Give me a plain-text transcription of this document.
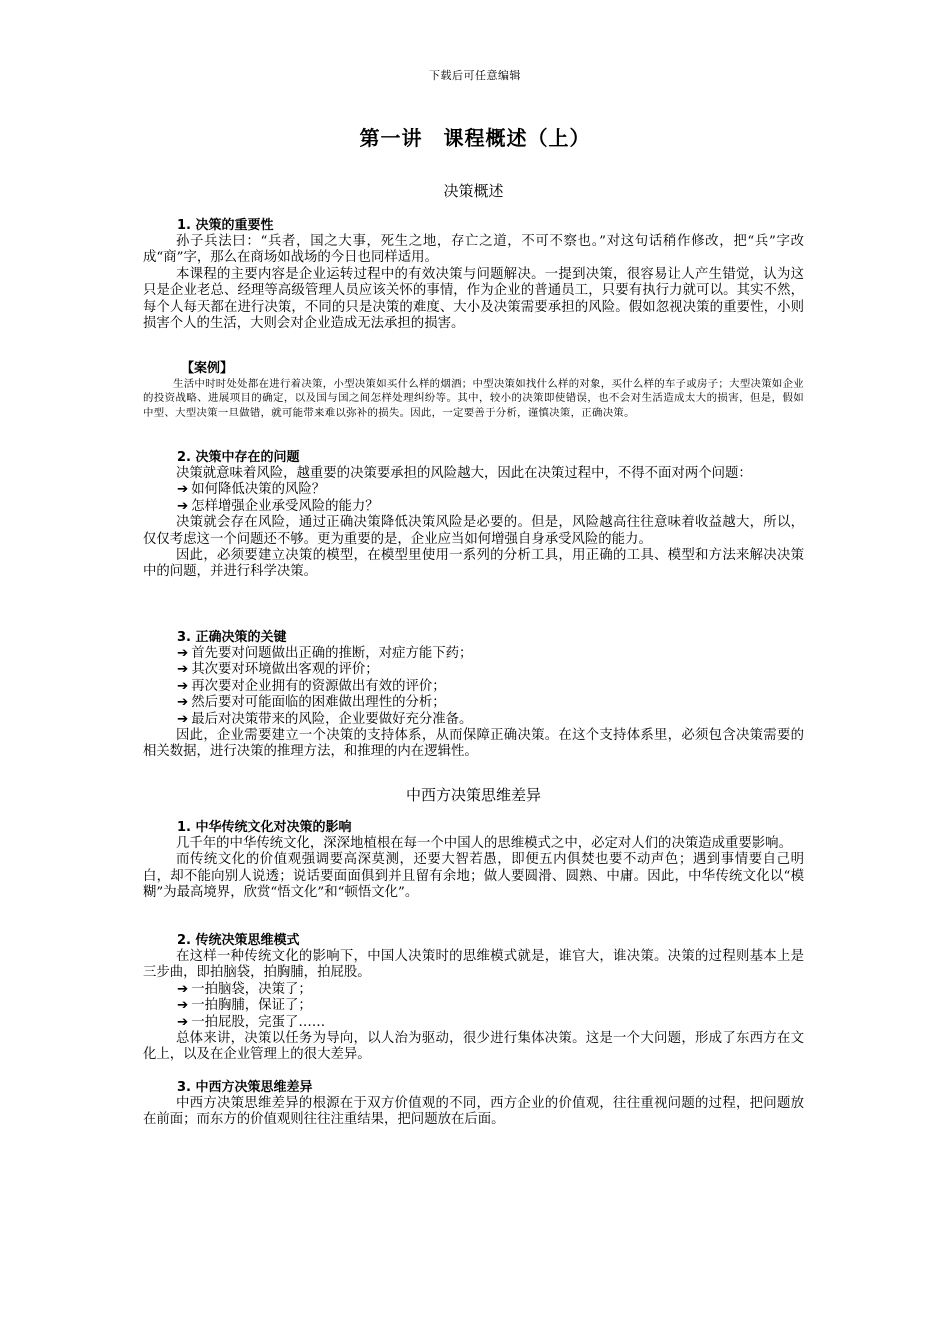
下载后可任意编辑
第一讲　课程概述（上）
决策概述
1. 决策的重要性

孙子兵法曰：“兵者，国之大事，死生之地，存亡之道，不可不察也。”对这句话稍作修改，把“兵”字改成“商”字，那么在商场如战场的今日也同样适用。

本课程的主要内容是企业运转过程中的有效决策与问题解决。一提到决策，很容易让人产生错觉，认为这只是企业老总、经理等高级管理人员应该关怀的事情，作为企业的普通员工，只要有执行力就可以。其实不然，每个人每天都在进行决策，不同的只是决策的难度、大小及决策需要承担的风险。假如忽视决策的重要性，小则损害个人的生活，大则会对企业造成无法承担的损害。

【案例】

生活中时时处处都在进行着决策，小型决策如买什么样的烟酒；中型决策如找什么样的对象，买什么样的车子或房子；大型决策如企业的投资战略、进展项目的确定，以及国与国之间怎样处理纠纷等。其中，较小的决策即使错误，也不会对生活造成太大的损害，但是，假如中型、大型决策一旦做错，就可能带来难以弥补的损失。因此，一定要善于分析，谨慎决策，正确决策。

2. 决策中存在的问题

决策就意味着风险，越重要的决策要承担的风险越大，因此在决策过程中，不得不面对两个问题：

➔ 如何降低决策的风险？
➔ 怎样增强企业承受风险的能力？

决策就会存在风险，通过正确决策降低决策风险是必要的。但是，风险越高往往意味着收益越大，所以，仅仅考虑这一个问题还不够。更为重要的是，企业应当如何增强自身承受风险的能力。

因此，必须要建立决策的模型，在模型里使用一系列的分析工具，用正确的工具、模型和方法来解决决策中的问题，并进行科学决策。

3. 正确决策的关键
➔ 首先要对问题做出正确的推断，对症方能下药；
➔ 其次要对环境做出客观的评价；
➔ 再次要对企业拥有的资源做出有效的评价；
➔ 然后要对可能面临的困难做出理性的分析；
➔ 最后对决策带来的风险，企业要做好充分准备。

因此，企业需要建立一个决策的支持体系，从而保障正确决策。在这个支持体系里，必须包含决策需要的相关数据，进行决策的推理方法，和推理的内在逻辑性。

中西方决策思维差异
1. 中华传统文化对决策的影响

几千年的中华传统文化，深深地植根在每一个中国人的思维模式之中，必定对人们的决策造成重要影响。

而传统文化的价值观强调要高深莫测，还要大智若愚，即便五内俱焚也要不动声色；遇到事情要自己明白，却不能向别人说透；说话要面面俱到并且留有余地；做人要圆滑、圆熟、中庸。因此，中华传统文化以“模糊”为最高境界，欣赏“悟文化”和“顿悟文化”。

2. 传统决策思维模式

在这样一种传统文化的影响下，中国人决策时的思维模式就是，谁官大，谁决策。决策的过程则基本上是三步曲，即拍脑袋，拍胸脯，拍屁股。

➔ 一拍脑袋，决策了；
➔ 一拍胸脯，保证了；
➔ 一拍屁股，完蛋了……

总体来讲，决策以任务为导向，以人治为驱动，很少进行集体决策。这是一个大问题，形成了东西方在文化上，以及在企业管理上的很大差异。

3. 中西方决策思维差异

中西方决策思维差异的根源在于双方价值观的不同，西方企业的价值观，往往重视问题的过程，把问题放在前面；而东方的价值观则往往注重结果，把问题放在后面。
